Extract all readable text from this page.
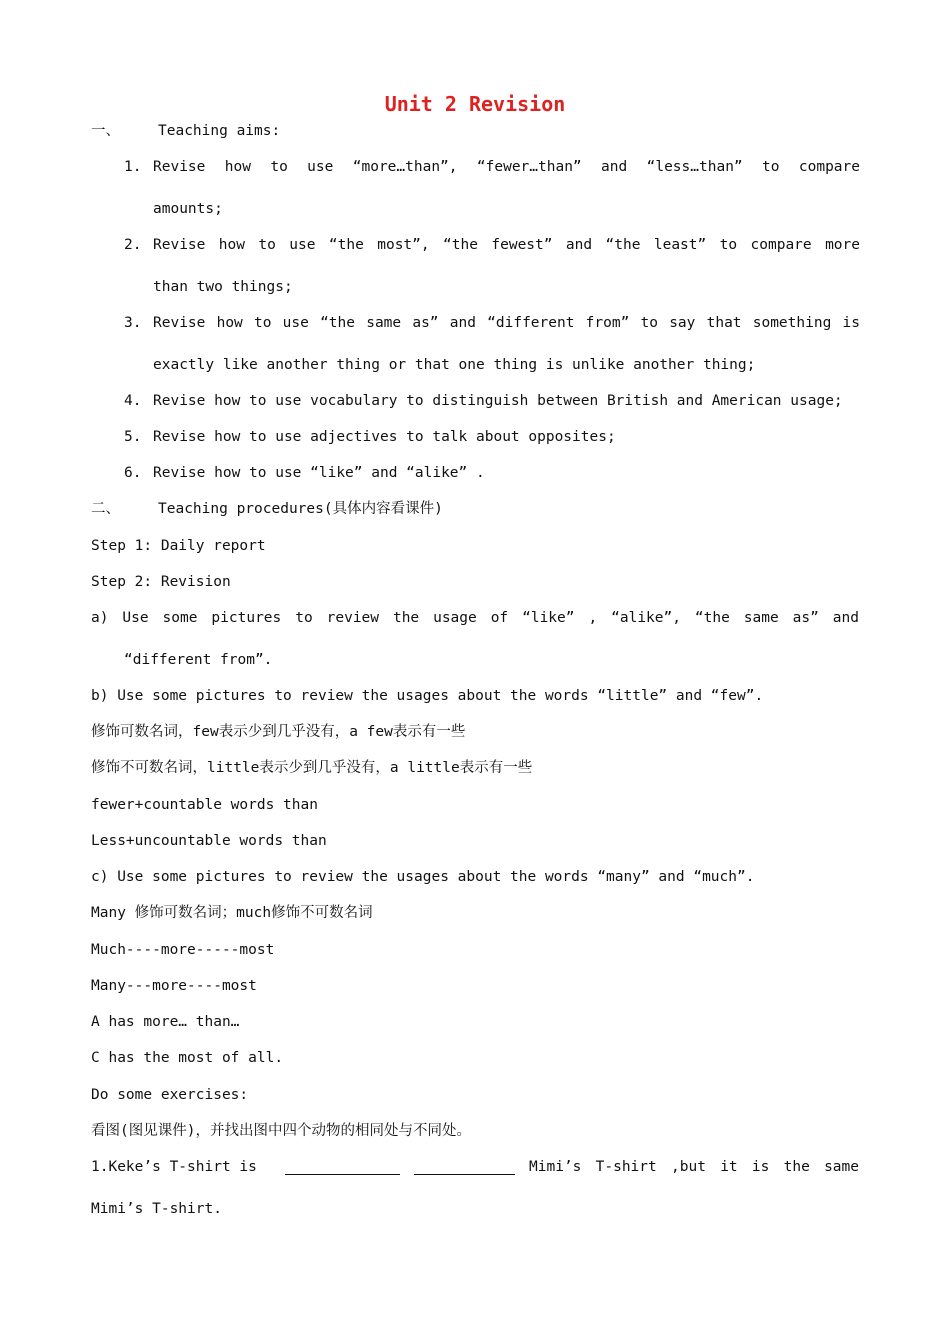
Unit 2 Revision
一、	Teaching aims:
1. Revise how to use “more…than”, “fewer…than” and “less…than” to compare
amounts;
2. Revise how to use “the most”, “the fewest” and “the least” to compare more
than two things;
3. Revise how to use “the same as” and “different from” to say that something is
exactly like another thing or that one thing is unlike another thing;
4. Revise how to use vocabulary to distinguish between British and American usage;
5. Revise how to use adjectives to talk about opposites;
6. Revise how to use “like” and “alike” .
二、	Teaching procedures(具体内容看课件)
Step 1: Daily report
Step 2: Revision
a) Use some pictures to review the usage of “like” , “alike”, “the same as” and
“different from”.
b) Use some pictures to review the usages about the words “little” and “few”.
修饰可数名词，few表示少到几乎没有，a few表示有一些
修饰不可数名词，little表示少到几乎没有，a little表示有一些
fewer+countable words than
Less+uncountable words than
c) Use some pictures to review the usages about the words “many” and “much”.
Many 修饰可数名词；much修饰不可数名词
Much----more-----most
Many---more----most
A has more… than…
C has the most of all.
Do some exercises:
看图(图见课件)，并找出图中四个动物的相同处与不同处。
1.Keke’s T-shirt is	Mimi’s T-shirt ,but it is the same
Mimi’s T-shirt.
